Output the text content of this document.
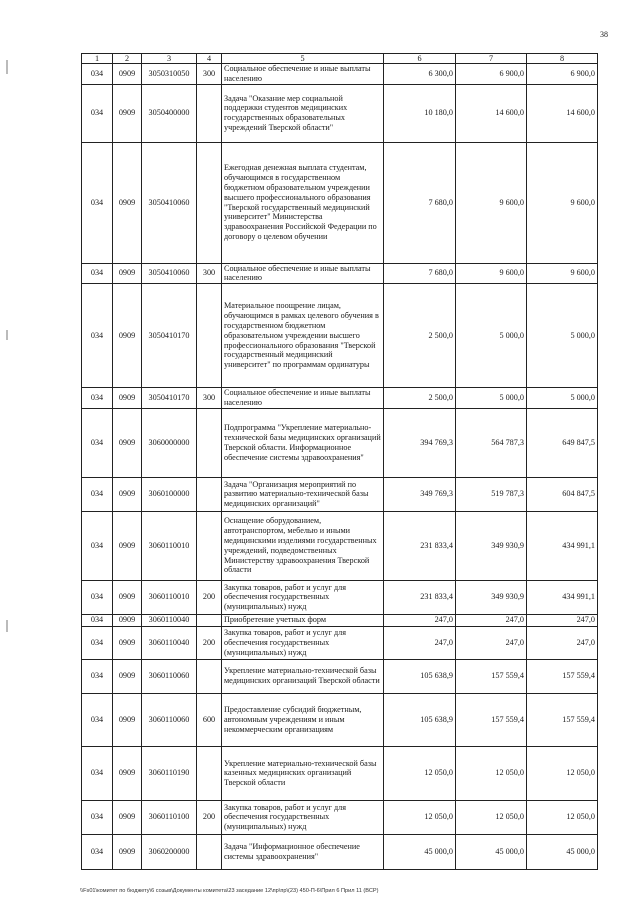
38
1	2	3	4	5	6	7	8
034	0909	3050310050	300	Социальное обеспечение и иные выплаты населению	6 300,0	6 900,0	6 900,0
034	0909	3050400000		Задача "Оказание мер социальной поддержки студентов медицинских государственных образовательных учреждений Тверской области"	10 180,0	14 600,0	14 600,0
034	0909	3050410060		Ежегодная денежная выплата студентам, обучающимся в государственном бюджетном образовательном учреждении высшего профессионального образования "Тверской государственный медицинский университет" Министерства здравоохранения Российской Федерации по договору о целевом обучении	7 680,0	9 600,0	9 600,0
034	0909	3050410060	300	Социальное обеспечение и иные выплаты населению	7 680,0	9 600,0	9 600,0
034	0909	3050410170		Материальное поощрение лицам, обучающимся в рамках целевого обучения в государственном бюджетном образовательном учреждении высшего профессионального образования "Тверской государственный медицинский университет" по программам ординатуры	2 500,0	5 000,0	5 000,0
034	0909	3050410170	300	Социальное обеспечение и иные выплаты населению	2 500,0	5 000,0	5 000,0
034	0909	3060000000		Подпрограмма "Укрепление материально-технической базы медицинских организаций Тверской области. Информационное обеспечение системы здравоохранения"	394 769,3	564 787,3	649 847,5
034	0909	3060100000		Задача "Организация мероприятий по развитию материально-технической базы медицинских организаций"	349 769,3	519 787,3	604 847,5
034	0909	3060110010		Оснащение оборудованием, автотранспортом, мебелью и иными медицинскими изделиями государственных учреждений, подведомственных Министерству здравоохранения Тверской области	231 833,4	349 930,9	434 991,1
034	0909	3060110010	200	Закупка товаров, работ и услуг для обеспечения государственных (муниципальных) нужд	231 833,4	349 930,9	434 991,1
034	0909	3060110040		Приобретение учетных форм	247,0	247,0	247,0
034	0909	3060110040	200	Закупка товаров, работ и услуг для обеспечения государственных (муниципальных) нужд	247,0	247,0	247,0
034	0909	3060110060		Укрепление материально-технической базы медицинских организаций Тверской области	105 638,9	157 559,4	157 559,4
034	0909	3060110060	600	Предоставление субсидий бюджетным, автономным учреждениям и иным некоммерческим организациям	105 638,9	157 559,4	157 559,4
034	0909	3060110190		Укрепление материально-технической базы казенных медицинских организаций Тверской области	12 050,0	12 050,0	12 050,0
034	0909	3060110100	200	Закупка товаров, работ и услуг для обеспечения государственных (муниципальных) нужд	12 050,0	12 050,0	12 050,0
034	0909	3060200000		Задача "Информационное обеспечение системы здравоохранения"	45 000,0	45 000,0	45 000,0
\\Fs01\комитет по бюджету\6 созыв\Документы комитета\23 заседание 12\пр\пр\(23) 450-П-6\Прил 6 Прил 11 (ВСР)
